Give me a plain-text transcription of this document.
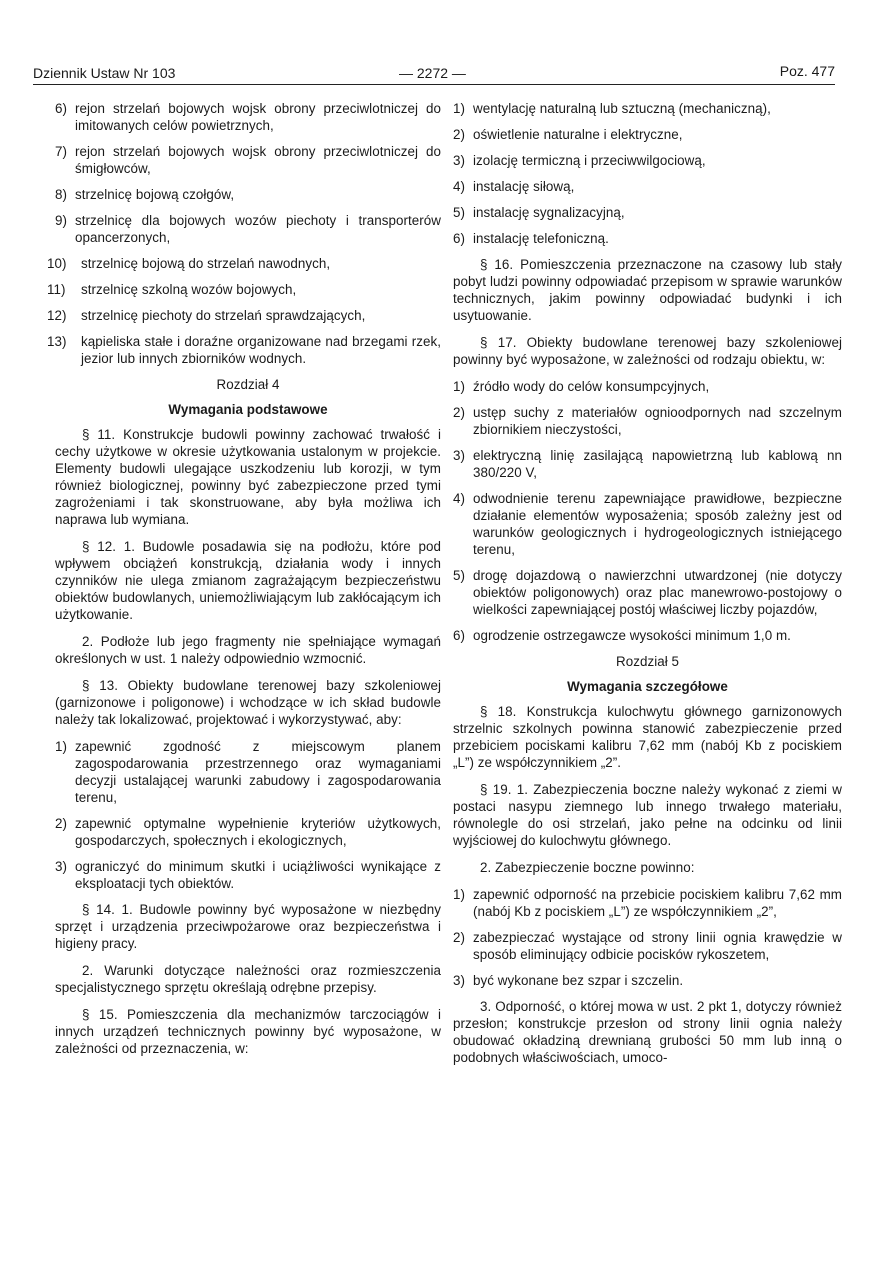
Dziennik Ustaw Nr 103	— 2272 —	Poz. 477
6) rejon strzelań bojowych wojsk obrony przeciwlotniczej do imitowanych celów powietrznych,
7) rejon strzelań bojowych wojsk obrony przeciwlotniczej do śmigłowców,
8) strzelnicę bojową czołgów,
9) strzelnicę dla bojowych wozów piechoty i transporterów opancerzonych,
10) strzelnicę bojową do strzelań nawodnych,
11) strzelnicę szkolną wozów bojowych,
12) strzelnicę piechoty do strzelań sprawdzających,
13) kąpieliska stałe i doraźne organizowane nad brzegami rzek, jezior lub innych zbiorników wodnych.
Rozdział 4
Wymagania podstawowe
§ 11. Konstrukcje budowli powinny zachować trwałość i cechy użytkowe w okresie użytkowania ustalonym w projekcie. Elementy budowli ulegające uszkodzeniu lub korozji, w tym również biologicznej, powinny być zabezpieczone przed tymi zagrożeniami i tak skonstruowane, aby była możliwa ich naprawa lub wymiana.
§ 12. 1. Budowle posadawia się na podłożu, które pod wpływem obciążeń konstrukcją, działania wody i innych czynników nie ulega zmianom zagrażającym bezpieczeństwu obiektów budowlanych, uniemożliwiającym lub zakłócającym ich użytkowanie.
2. Podłoże lub jego fragmenty nie spełniające wymagań określonych w ust. 1 należy odpowiednio wzmocnić.
§ 13. Obiekty budowlane terenowej bazy szkoleniowej (garnizonowe i poligonowe) i wchodzące w ich skład budowle należy tak lokalizować, projektować i wykorzystywać, aby:
1) zapewnić zgodność z miejscowym planem zagospodarowania przestrzennego oraz wymaganiami decyzji ustalającej warunki zabudowy i zagospodarowania terenu,
2) zapewnić optymalne wypełnienie kryteriów użytkowych, gospodarczych, społecznych i ekologicznych,
3) ograniczyć do minimum skutki i uciążliwości wynikające z eksploatacji tych obiektów.
§ 14. 1. Budowle powinny być wyposażone w niezbędny sprzęt i urządzenia przeciwpożarowe oraz bezpieczeństwa i higieny pracy.
2. Warunki dotyczące należności oraz rozmieszczenia specjalistycznego sprzętu określają odrębne przepisy.
§ 15. Pomieszczenia dla mechanizmów tarczociągów i innych urządzeń technicznych powinny być wyposażone, w zależności od przeznaczenia, w:
1) wentylację naturalną lub sztuczną (mechaniczną),
2) oświetlenie naturalne i elektryczne,
3) izolację termiczną i przeciwwilgociową,
4) instalację siłową,
5) instalację sygnalizacyjną,
6) instalację telefoniczną.
§ 16. Pomieszczenia przeznaczone na czasowy lub stały pobyt ludzi powinny odpowiadać przepisom w sprawie warunków technicznych, jakim powinny odpowiadać budynki i ich usytuowanie.
§ 17. Obiekty budowlane terenowej bazy szkoleniowej powinny być wyposażone, w zależności od rodzaju obiektu, w:
1) źródło wody do celów konsumpcyjnych,
2) ustęp suchy z materiałów ognioodpornych nad szczelnym zbiornikiem nieczystości,
3) elektryczną linię zasilającą napowietrzną lub kablową nn 380/220 V,
4) odwodnienie terenu zapewniające prawidłowe, bezpieczne działanie elementów wyposażenia; sposób zależny jest od warunków geologicznych i hydrogeologicznych istniejącego terenu,
5) drogę dojazdową o nawierzchni utwardzonej (nie dotyczy obiektów poligonowych) oraz plac manewrowo-postojowy o wielkości zapewniającej postój właściwej liczby pojazdów,
6) ogrodzenie ostrzegawcze wysokości minimum 1,0 m.
Rozdział 5
Wymagania szczegółowe
§ 18. Konstrukcja kulochwytu głównego garnizonowych strzelnic szkolnych powinna stanowić zabezpieczenie przed przebiciem pociskami kalibru 7,62 mm (nabój Kb z pociskiem „L”) ze współczynnikiem „2”.
§ 19. 1. Zabezpieczenia boczne należy wykonać z ziemi w postaci nasypu ziemnego lub innego trwałego materiału, równolegle do osi strzelań, jako pełne na odcinku od linii wyjściowej do kulochwytu głównego.
2. Zabezpieczenie boczne powinno:
1) zapewnić odporność na przebicie pociskiem kalibru 7,62 mm (nabój Kb z pociskiem „L”) ze współczynnikiem „2”,
2) zabezpieczać wystające od strony linii ognia krawędzie w sposób eliminujący odbicie pocisków rykoszetem,
3) być wykonane bez szpar i szczelin.
3. Odporność, o której mowa w ust. 2 pkt 1, dotyczy również przesłon; konstrukcje przesłon od strony linii ognia należy obudować okładziną drewnianą grubości 50 mm lub inną o podobnych właściwościach, umoco-
